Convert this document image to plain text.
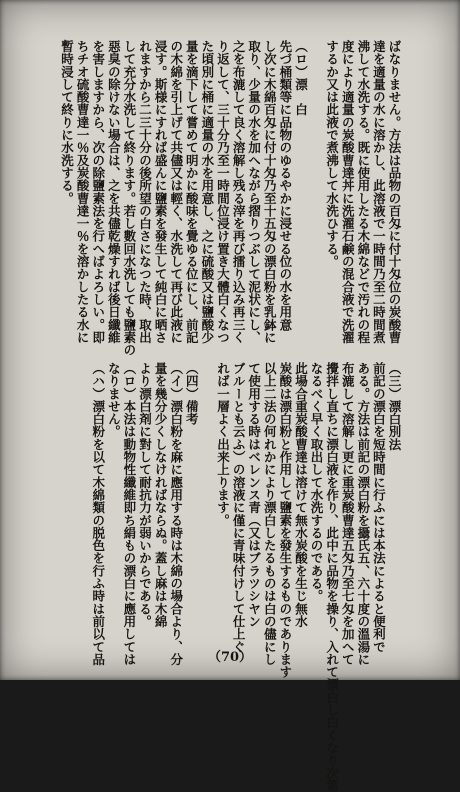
ばなりません。方法は品物の百匁に付十匁位の炭酸曹
達を適量の水に溶かし、此溶液で一時間乃至二時間煮
沸して水洗する。既に使用したる木綿などで汚れの程
度により適量の炭酸曹達丼に洗濯石鹸の混合液で洗濯
するか又は此液で煮沸して水洗ひする。

（ロ）漂　白
先づ桶類等に品物のゆるやかに浸せる位の水を用意
し次に木綿百匁に付十匁乃至十五匁の漂白粉を乳鉢に
取り、少量の水を加へながら摺りつぶして泥状にし、
之を布漉して良く溶解し残る滓を再び擂り込み再三く
り返して、三十分乃至一時間位浸け置き大體白くなつ
た頃別に桶に適量の水を用意し、之に硫酸又は鹽酸少
量を滴下して嘗めて明かに酸味を覺ゆる位にし、前記
の木綿を引上げて共儘又は輕く、水洗して再び此液に
浸す。斯様にすれば盛んに鹽素を發生して純白に晒さ
れますから二三十分の後所望の白さになつた時、取出
して充分水洗して終ります。若し數回水洗しても鹽素の
惡臭の除けない場合は、之を共儘乾燥すれば後日纖維
を害しますから、次の除鹽素法を行へばよろしい。即
ちチオ硫酸曹達一％及炭酸曹達一％を溶かしたる水に
暫時浸して終りに水洗する。
（三）漂白別法
前記の漂白を短時間に行ふには本法によると便利で
ある。方法は前記の漂白粉を攝氏五、六十度の溫湯に
布漉して溶解し更に重炭酸曹達五匁乃至七匁を加へて
攪拌し直ちに漂白液を作り、此中に品物を操り、入れて漂白し白くなり次第
なるべく早く取出して水洗するのである。
此場合重炭酸曹達は溶けて無水炭酸を生じ無水
炭酸は漂白粉と作用して鹽素を發生するものであります
以上二法の何れかにより漂白したるものは白の儘にし
て使用する時はベレンス青（又はブラツシヤン
ブルーとも云ふ）の溶液に僅に青味付けして仕上ぐ
れば一層よく出来上ります。

（四）備考
（イ）漂白粉を麻に應用する時は木綿の場合より、分
量を幾分少くしなければならぬ。蓋し麻は木綿
より漂白剤に對して耐抗力が弱いからである。
（ロ）本法は動物性纖維即ち絹もの漂白に應用しては
なりません。
（ハ）漂白粉を以て木綿類の脱色を行ふ時は前以て品	（70）
